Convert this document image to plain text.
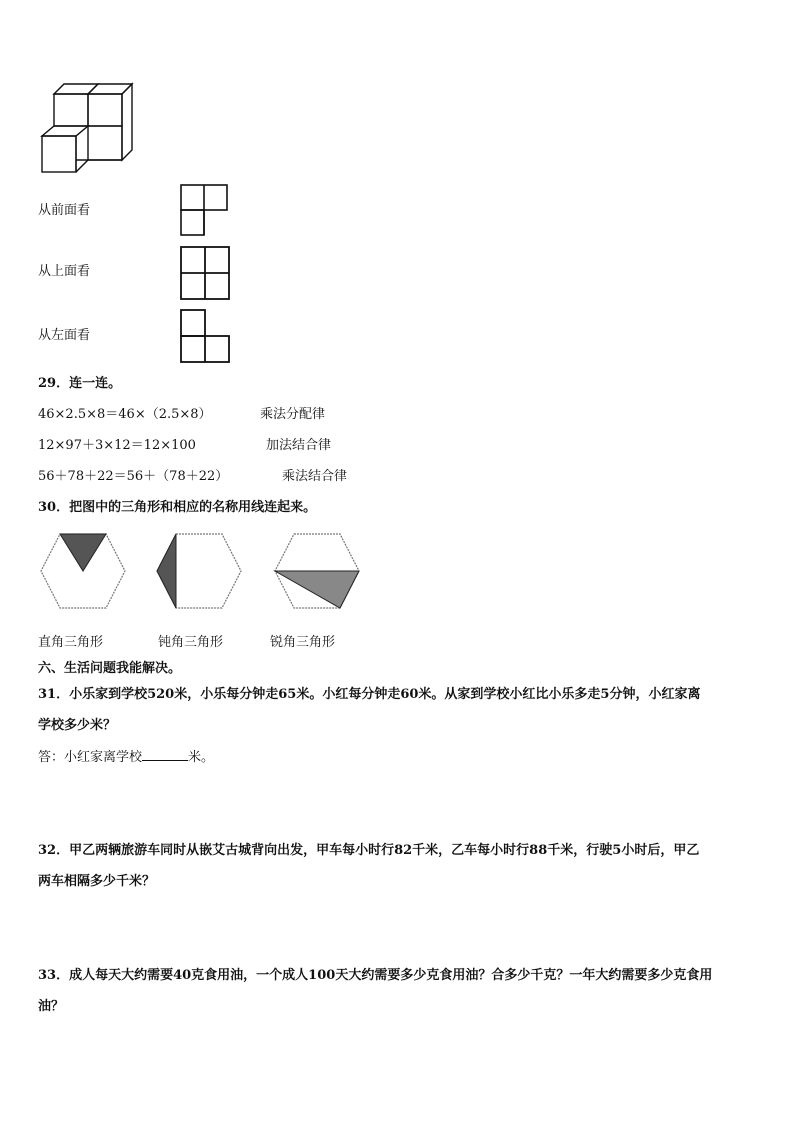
从前面看
从上面看
从左面看
29．连一连。
46×2.5×8＝46×（2.5×8）
12×97＋3×12＝12×100
56＋78＋22＝56＋（78＋22）
乘法分配律
加法结合律
乘法结合律
30．把图中的三角形和相应的名称用线连起来。
直角三角形	钝角三角形	锐角三角形
六、生活问题我能解决。
31．小乐家到学校520米，小乐每分钟走65米。小红每分钟走60米。从家到学校小红比小乐多走5分钟，小红家离
学校多少米？
答：小红家离学校	米。
32．甲乙两辆旅游车同时从嵌艾古城背向出发，甲车每小时行82千米，乙车每小时行88千米，行驶5小时后，甲乙
两车相隔多少千米？
33．成人每天大约需要40克食用油，一个成人100天大约需要多少克食用油？合多少千克？一年大约需要多少克食用
油？
